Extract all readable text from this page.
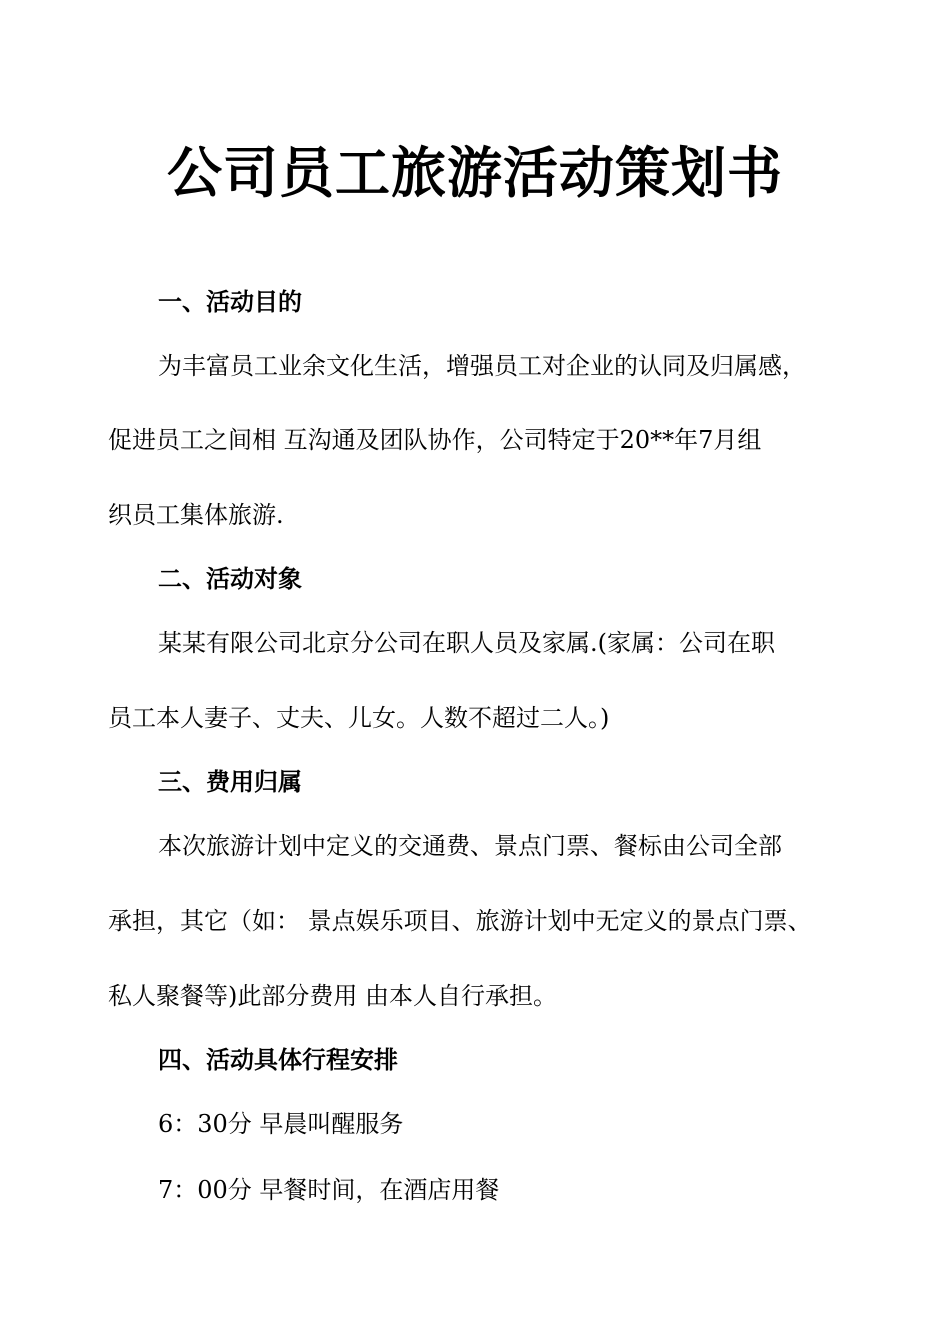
公司员工旅游活动策划书
一、活动目的
为丰富员工业余文化生活，增强员工对企业的认同及归属感，
促进员工之间相 互沟通及团队协作，公司特定于20**年7月组
织员工集体旅游.
二、活动对象
某某有限公司北京分公司在职人员及家属.(家属：公司在职
员工本人妻子、丈夫、儿女。人数不超过二人。)
三、费用归属
本次旅游计划中定义的交通费、景点门票、餐标由公司全部
承担，其它（如： 景点娱乐项目、旅游计划中无定义的景点门票、
私人聚餐等)此部分费用 由本人自行承担。
四、活动具体行程安排
6：30分 早晨叫醒服务
7：00分 早餐时间，在酒店用餐
